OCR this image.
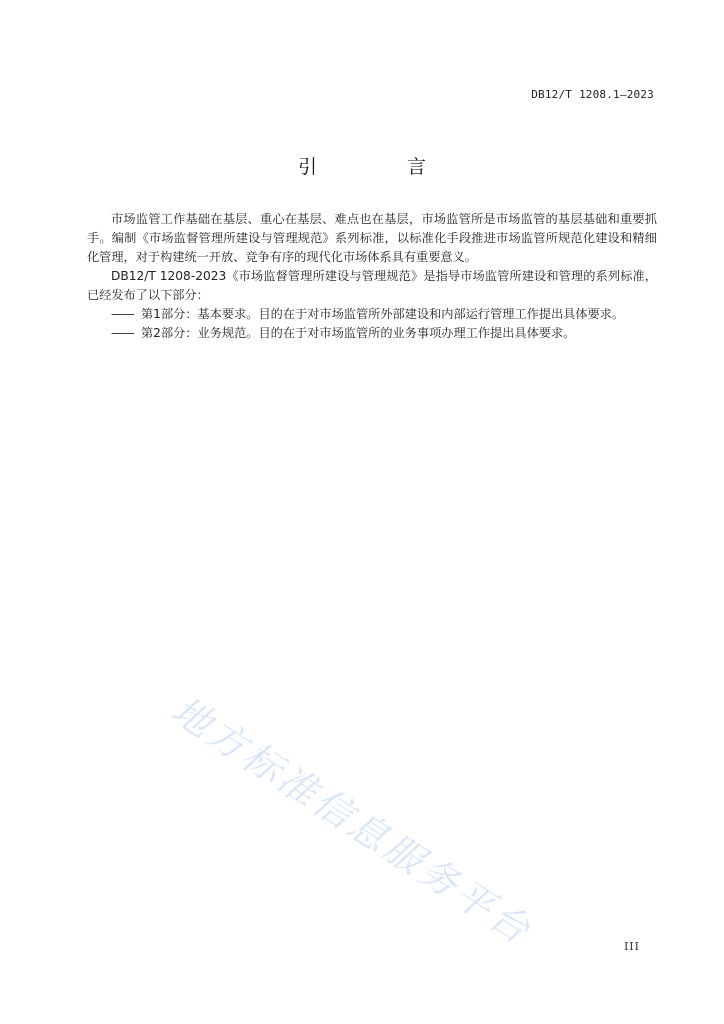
DB12/T 1208.1—2023
引 言

市场监管工作基础在基层、重心在基层、难点也在基层，市场监管所是市场监管的基层基础和重要抓手。编制《市场监督管理所建设与管理规范》系列标准，以标准化手段推进市场监管所规范化建设和精细化管理，对于构建统一开放、竞争有序的现代化市场体系具有重要意义。

DB12/T 1208-2023《市场监督管理所建设与管理规范》是指导市场监管所建设和管理的系列标准，已经发布了以下部分：

—— 第1部分：基本要求。目的在于对市场监管所外部建设和内部运行管理工作提出具体要求。

—— 第2部分：业务规范。目的在于对市场监管所的业务事项办理工作提出具体要求。

地方标准信息服务平台	III
